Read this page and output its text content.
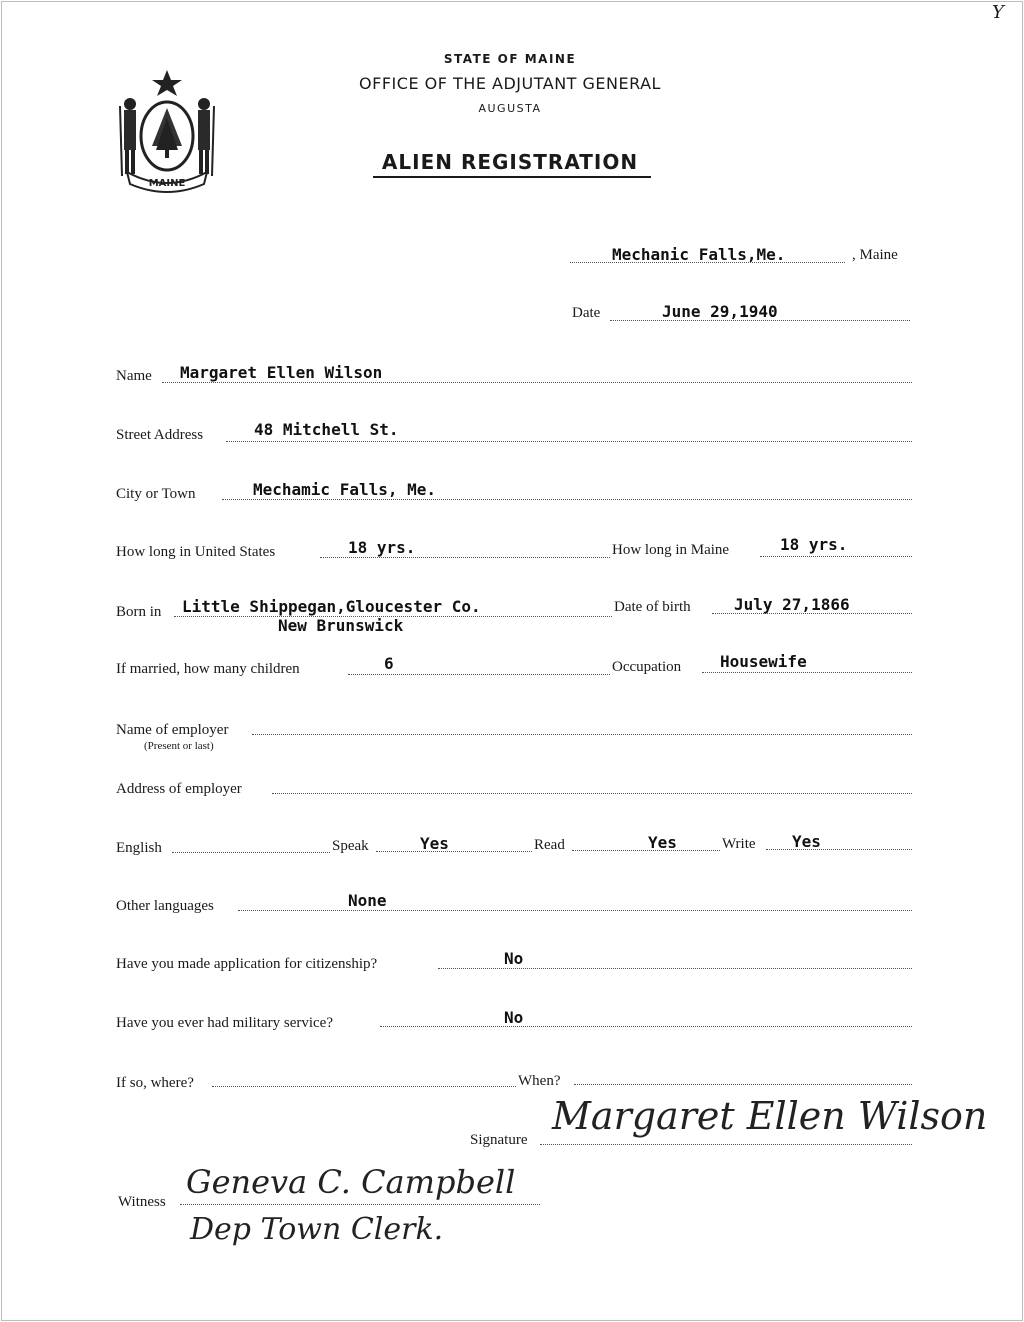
Y
MAINE
STATE OF MAINE
OFFICE OF THE ADJUTANT GENERAL
AUGUSTA
ALIEN REGISTRATION
Mechanic Falls,Me.	, Maine
Date	June 29,1940
Name Margaret Ellen Wilson
Street Address	48 Mitchell St.
City or Town	Mechamic Falls, Me.
How long in United States	18 yrs.	How long in Maine	18 yrs.
Born in Little Shippegan,Gloucester Co.
New Brunswick
Date of birth	July 27,1866
If married, how many children	6	Occupation Housewife
Name of employer
(Present or last)
Address of employer
English	Speak	Yes	Read	Yes	Write Yes
Other languages	None
Have you made application for citizenship?	No
Have you ever had military service?	No
If so, where?	When?
Signature
Margaret Ellen Wilson
Witness
Geneva C. Campbell
Dep Town Clerk.
